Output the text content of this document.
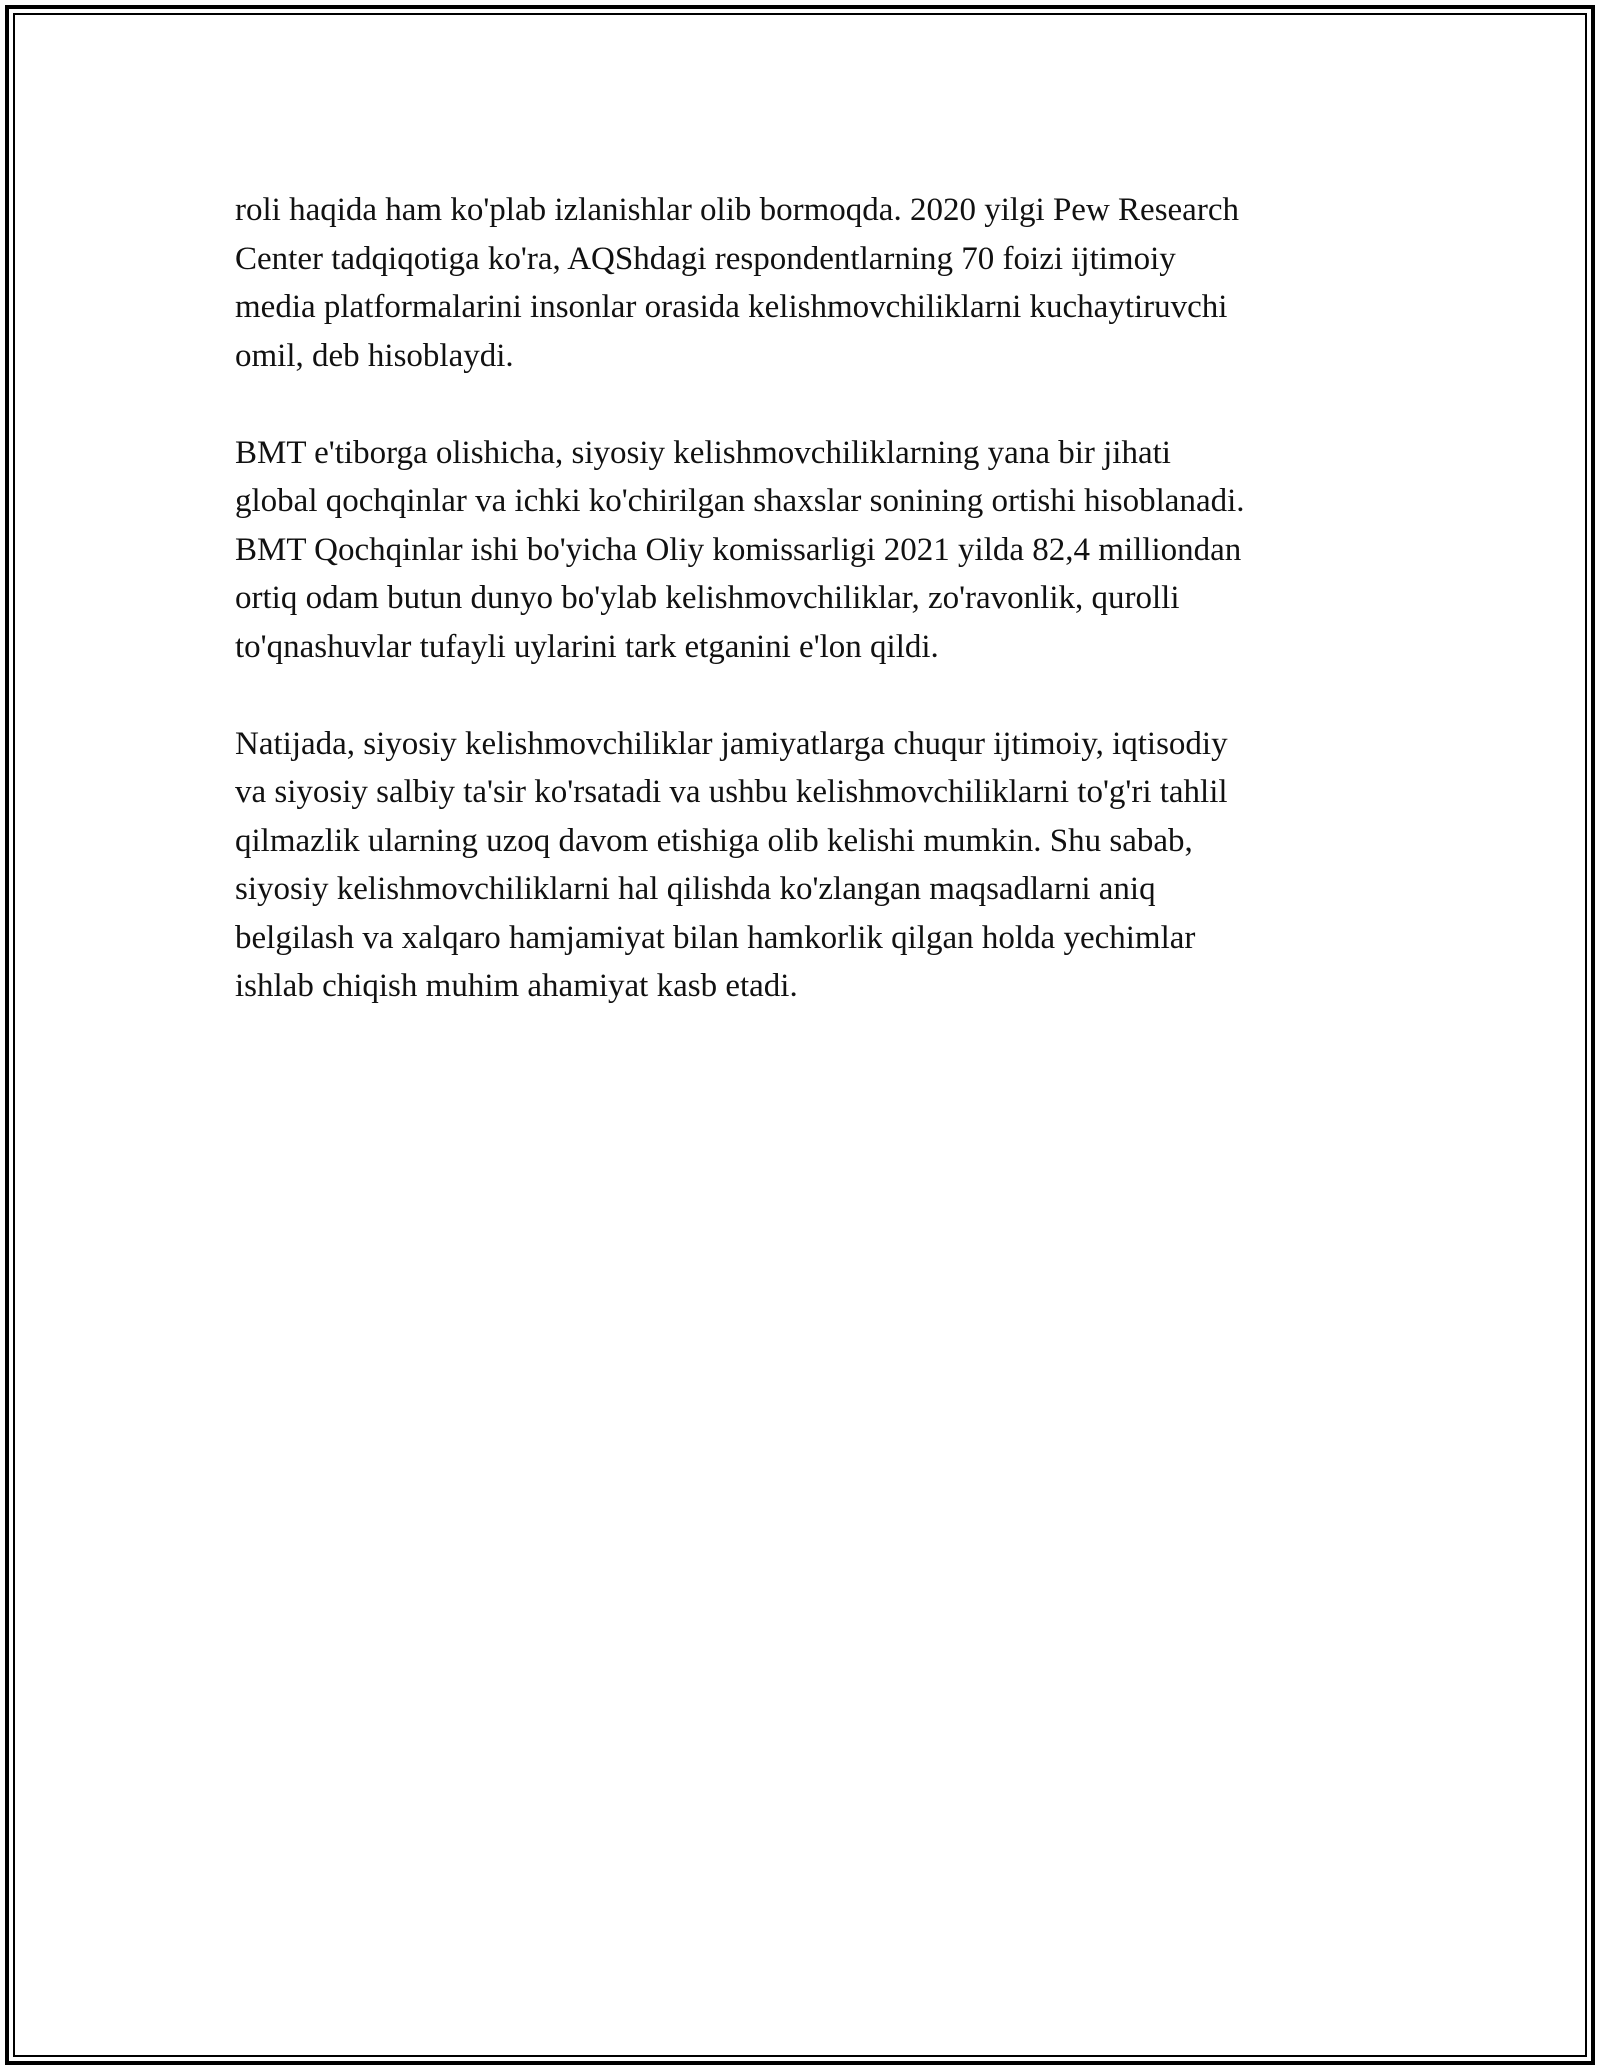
roli haqida ham ko'plab izlanishlar olib bormoqda. 2020 yilgi Pew Research
Center tadqiqotiga ko'ra, AQShdagi respondentlarning 70 foizi ijtimoiy
media platformalarini insonlar orasida kelishmovchiliklarni kuchaytiruvchi
omil, deb hisoblaydi.

BMT e'tiborga olishicha, siyosiy kelishmovchiliklarning yana bir jihati
global qochqinlar va ichki ko'chirilgan shaxslar sonining ortishi hisoblanadi.
BMT Qochqinlar ishi bo'yicha Oliy komissarligi 2021 yilda 82,4 milliondan
ortiq odam butun dunyo bo'ylab kelishmovchiliklar, zo'ravonlik, qurolli
to'qnashuvlar tufayli uylarini tark etganini e'lon qildi.

Natijada, siyosiy kelishmovchiliklar jamiyatlarga chuqur ijtimoiy, iqtisodiy
va siyosiy salbiy ta'sir ko'rsatadi va ushbu kelishmovchiliklarni to'g'ri tahlil
qilmazlik ularning uzoq davom etishiga olib kelishi mumkin. Shu sabab,
siyosiy kelishmovchiliklarni hal qilishda ko'zlangan maqsadlarni aniq
belgilash va xalqaro hamjamiyat bilan hamkorlik qilgan holda yechimlar
ishlab chiqish muhim ahamiyat kasb etadi.
